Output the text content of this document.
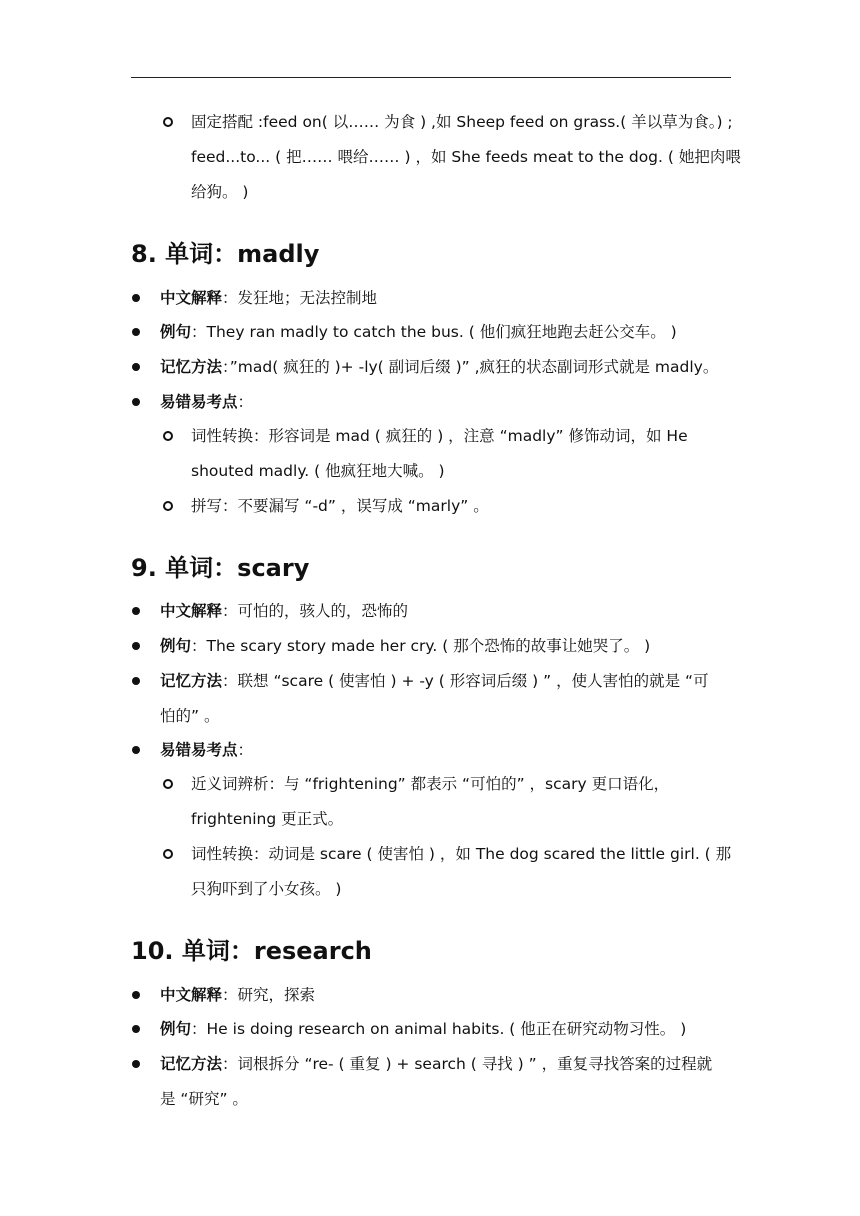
固定搭配 :feed on( 以…… 为食 ) ,如 Sheep feed on grass.( 羊以草为食。) ;
feed...to... ( 把…… 喂给…… ) ，如 She feeds meat to the dog. ( 她把肉喂
给狗。 )
8. 单词：madly
中文解释：发狂地；无法控制地
例句：They ran madly to catch the bus. ( 他们疯狂地跑去赶公交车。 )
记忆方法：”mad( 疯狂的 )+ -ly( 副词后缀 )” ,疯狂的状态副词形式就是 madly。
易错易考点：
词性转换：形容词是 mad ( 疯狂的 ) ，注意 “madly” 修饰动词，如 He
shouted madly. ( 他疯狂地大喊。 )
拼写：不要漏写 “-d” ，误写成 “marly” 。
9. 单词：scary
中文解释：可怕的，骇人的，恐怖的
例句：The scary story made her cry. ( 那个恐怖的故事让她哭了。 )
记忆方法：联想 “scare ( 使害怕 ) + -y ( 形容词后缀 ) ” ，使人害怕的就是 “可
怕的” 。
易错易考点：
近义词辨析：与 “frightening” 都表示 “可怕的” ，scary 更口语化，
frightening 更正式。
词性转换：动词是 scare ( 使害怕 ) ，如 The dog scared the little girl. ( 那
只狗吓到了小女孩。 )
10. 单词：research
中文解释：研究，探索
例句：He is doing research on animal habits. ( 他正在研究动物习性。 )
记忆方法：词根拆分 “re- ( 重复 ) + search ( 寻找 ) ” ，重复寻找答案的过程就
是 “研究” 。
